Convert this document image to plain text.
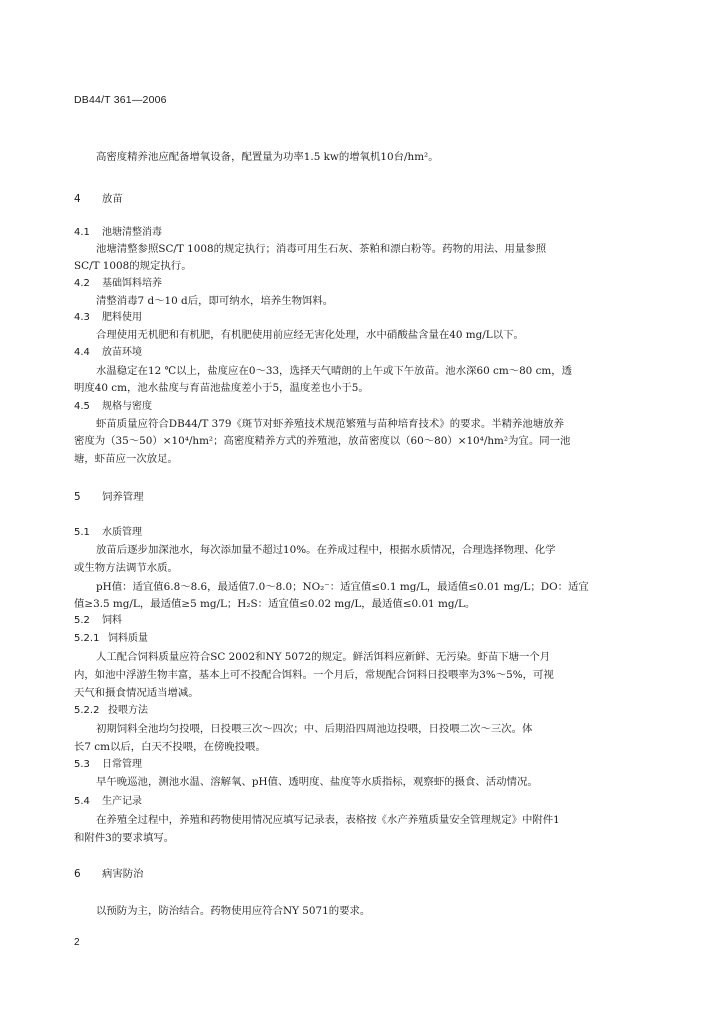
DB44/T 361—2006
高密度精养池应配备增氧设备，配置量为功率1.5 kw的增氧机10台/hm²。
4 放苗
4.1 池塘清整消毒
池塘清整参照SC/T 1008的规定执行；消毒可用生石灰、茶粕和漂白粉等。药物的用法、用量参照
SC/T 1008的规定执行。
4.2 基础饵料培养
清整消毒7 d～10 d后，即可纳水，培养生物饵料。
4.3 肥料使用
合理使用无机肥和有机肥，有机肥使用前应经无害化处理，水中硝酸盐含量在40 mg/L以下。
4.4 放苗环境
水温稳定在12 ℃以上，盐度应在0～33，选择天气晴朗的上午或下午放苗。池水深60 cm～80 cm，透
明度40 cm，池水盐度与育苗池盐度差小于5，温度差也小于5。
4.5 规格与密度
虾苗质量应符合DB44/T 379《斑节对虾养殖技术规范繁殖与苗种培育技术》的要求。半精养池塘放养
密度为（35～50）×10⁴/hm²；高密度精养方式的养殖池，放苗密度以（60～80）×10⁴/hm²为宜。同一池
塘，虾苗应一次放足。
5 饲养管理
5.1 水质管理
放苗后逐步加深池水，每次添加量不超过10%。在养成过程中，根据水质情况，合理选择物理、化学
或生物方法调节水质。
pH值：适宜值6.8～8.6，最适值7.0～8.0；NO₂⁻：适宜值≤0.1 mg/L，最适值≤0.01 mg/L；DO：适宜
值≥3.5 mg/L，最适值≥5 mg/L；H₂S：适宜值≤0.02 mg/L，最适值≤0.01 mg/L。
5.2 饲料
5.2.1 饲料质量
人工配合饲料质量应符合SC 2002和NY 5072的规定。鲜活饵料应新鲜、无污染。虾苗下塘一个月
内，如池中浮游生物丰富，基本上可不投配合饵料。一个月后，常规配合饲料日投喂率为3%～5%，可视
天气和摄食情况适当增减。
5.2.2 投喂方法
初期饲料全池均匀投喂，日投喂三次～四次；中、后期沿四周池边投喂，日投喂二次～三次。体
长7 cm以后，白天不投喂，在傍晚投喂。
5.3 日常管理
早午晚巡池，测池水温、溶解氧、pH值、透明度、盐度等水质指标，观察虾的摄食、活动情况。
5.4 生产记录
在养殖全过程中，养殖和药物使用情况应填写记录表，表格按《水产养殖质量安全管理规定》中附件1
和附件3的要求填写。
6 病害防治
以预防为主，防治结合。药物使用应符合NY 5071的要求。
2
